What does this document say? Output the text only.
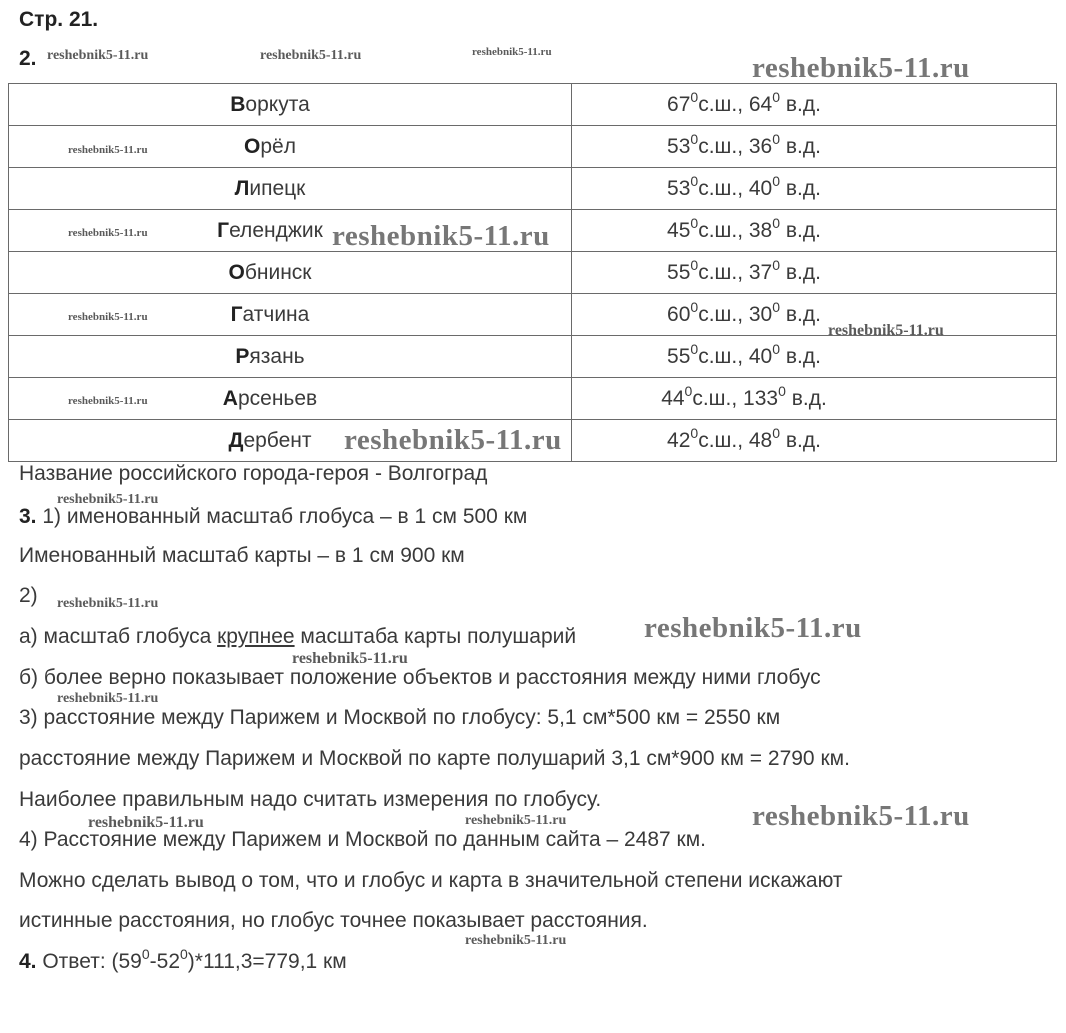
Стр. 21.
2.
Воркута	$67^0с.ш$., $64^0$ в.д.
Орёл	$53^0с.ш$., $36^0$ в.д.
Липецк	$53^0с.ш$., $40^0$ в.д.
Геленджик	$45^0с.ш$., $38^0$ в.д.
Обнинск	$55^0с.ш$., $37^0$ в.д.
Гатчина	$60^0с.ш$., $30^0$ в.д.
Рязань	$55^0с.ш$., $40^0$ в.д.
Арсеньев	$44^0с.ш$., $133^0$ в.д.
Дербент	$42^0с.ш$., $48^0$ в.д.
Название российского города-героя - Волгоград
3. 1) именованный масштаб глобуса – в 1 см 500 км
Именованный масштаб карты – в 1 см 900 км
2)
а) масштаб глобуса крупнее масштаба карты полушарий
б) более верно показывает положение объектов и расстояния между ними глобус
3) расстояние между Парижем и Москвой по глобусу: 5,1 см*500 км = 2550 км
расстояние между Парижем и Москвой по карте полушарий 3,1 см*900 км = 2790 км.
Наиболее правильным надо считать измерения по глобусу.
4) Расстояние между Парижем и Москвой по данным сайта – 2487 км.
Можно сделать вывод о том, что и глобус и карта в значительной степени искажают
истинные расстояния, но глобус точнее показывает расстояния.
4. Ответ: $(59^0-52^0)*111,3=779,1$ км
reshebnik5-11.ru	reshebnik5-11.ru	reshebnik5-11.ru	reshebnik5-11.ru
reshebnik5-11.ru
reshebnik5-11.ru	reshebnik5-11.ru
reshebnik5-11.ru
reshebnik5-11.ru
reshebnik5-11.ru
reshebnik5-11.ru
reshebnik5-11.ru
reshebnik5-11.ru
reshebnik5-11.ru
reshebnik5-11.ru
reshebnik5-11.ru
reshebnik5-11.ru
reshebnik5-11.ru	reshebnik5-11.ru
reshebnik5-11.ru
